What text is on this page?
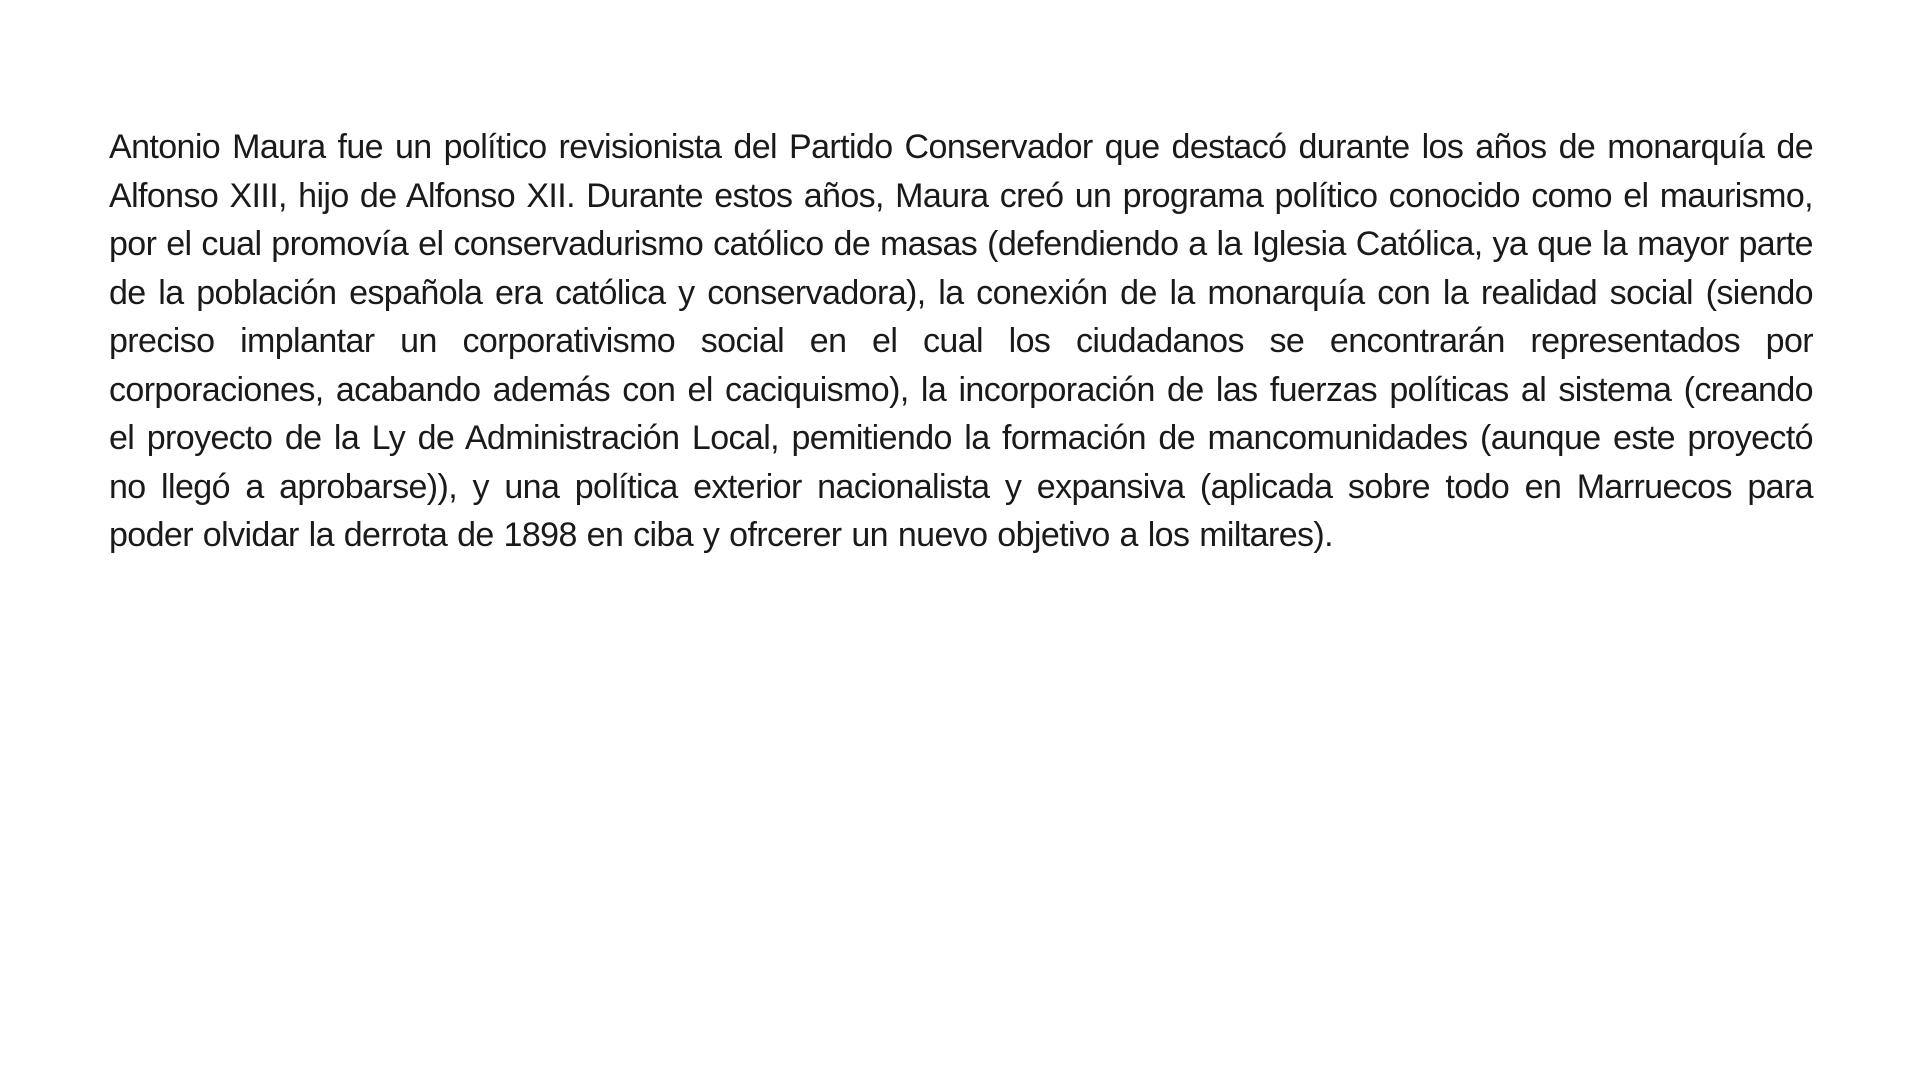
Antonio Maura fue un político revisionista del Partido Conservador que destacó durante los años de monarquía de Alfonso XIII, hijo de Alfonso XII. Durante estos años, Maura creó un programa político conocido como el maurismo, por el cual promovía el conservadurismo católico de masas (defendiendo a la Iglesia Católica, ya que la mayor parte de la población española era católica y conservadora), la conexión de la monarquía con la realidad social (siendo preciso implantar un corporativismo social en el cual los ciudadanos se encontrarán representados por corporaciones, acabando además con el caciquismo), la incorporación de las fuerzas políticas al sistema (creando el proyecto de la Ly de Administración Local, pemitiendo la formación de mancomunidades (aunque este proyectó no llegó a aprobarse)), y una política exterior nacionalista y expansiva (aplicada sobre todo en Marruecos para poder olvidar la derrota de 1898 en ciba y ofrcerer un nuevo objetivo a los miltares).
